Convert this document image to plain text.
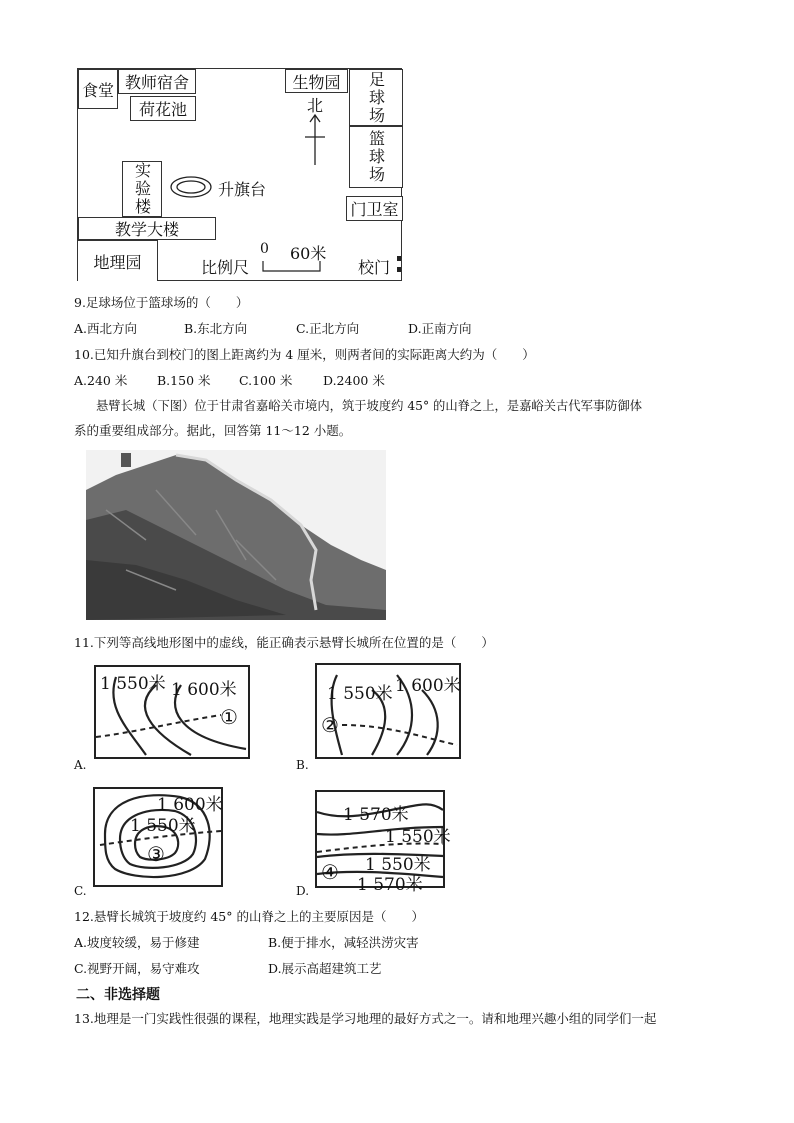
食堂 教师宿舍
荷花池
生物园	足球场
篮球场
实验楼	门卫室
教学大楼
地理园
北
升旗台
比例尺
0 60米
校门
9.足球场位于篮球场的（　　）
A.西北方向	B.东北方向	C.正北方向	D.正南方向
10.已知升旗台到校门的图上距离约为 4 厘米，则两者间的实际距离大约为（　　）
A.240 米 B.150 米 C.100 米 D.2400 米
悬臂长城（下图）位于甘肃省嘉峪关市境内，筑于坡度约 45° 的山脊之上，是嘉峪关古代军事防御体
系的重要组成部分。据此，回答第 11～12 小题。
11.下列等高线地形图中的虚线，能正确表示悬臂长城所在位置的是（　　）
1 550米 1 600米
①
A.
1 550米 1 600米
②
B.
1 600米
1 550米
③
C.
1 570米
1 550米
1 550米
1 570米
④
D.
12.悬臂长城筑于坡度约 45° 的山脊之上的主要原因是（　　）
A.坡度较缓，易于修建	B.便于排水，减轻洪涝灾害
C.视野开阔，易守难攻	D.展示高超建筑工艺
二、非选择题
13.地理是一门实践性很强的课程，地理实践是学习地理的最好方式之一。请和地理兴趣小组的同学们一起
